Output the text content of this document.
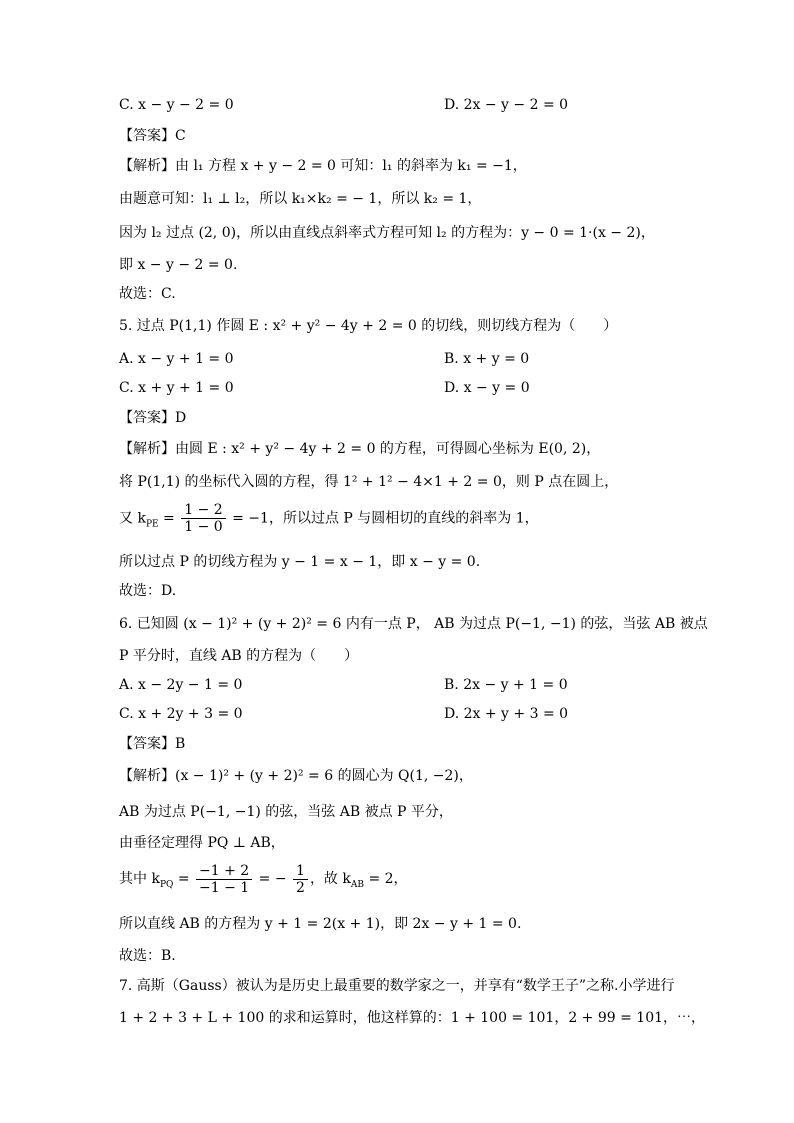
C. x − y − 2 = 0	D. 2x − y − 2 = 0
【答案】C
【解析】由 l₁ 方程 x + y − 2 = 0 可知：l₁ 的斜率为 k₁ = −1，
由题意可知：l₁ ⊥ l₂，所以 k₁×k₂ = − 1，所以 k₂ = 1，
因为 l₂ 过点 (2, 0)，所以由直线点斜率式方程可知 l₂ 的方程为：y − 0 = 1·(x − 2)，
即 x − y − 2 = 0.
故选：C.
5. 过点 P(1,1) 作圆 E : x² + y² − 4y + 2 = 0 的切线，则切线方程为（　　）
A. x − y + 1 = 0	B. x + y = 0
C. x + y + 1 = 0	D. x − y = 0
【答案】D
【解析】由圆 E : x² + y² − 4y + 2 = 0 的方程，可得圆心坐标为 E(0, 2)，
将 P(1,1) 的坐标代入圆的方程，得 1² + 1² − 4×1 + 2 = 0，则 P 点在圆上，
又 $k_{PE} = \frac{1 - 2}{1 - 0} = -1$，所以过点 P 与圆相切的直线的斜率为 1，
所以过点 P 的切线方程为 y − 1 = x − 1，即 x − y = 0.
故选：D.
6. 已知圆 (x − 1)² + (y + 2)² = 6 内有一点 P， AB 为过点 P(−1, −1) 的弦，当弦 AB 被点
P 平分时，直线 AB 的方程为（　　）
A. x − 2y − 1 = 0	B. 2x − y + 1 = 0
C. x + 2y + 3 = 0	D. 2x + y + 3 = 0
【答案】B
【解析】(x − 1)² + (y + 2)² = 6 的圆心为 Q(1, −2)，
AB 为过点 P(−1, −1) 的弦，当弦 AB 被点 P 平分，
由垂径定理得 PQ ⊥ AB，
其中 $k_{PQ} = \frac{-1 + 2}{-1 - 1}$ = − $\frac{1}{2}$ ，故 $k_{AB} = 2$，
所以直线 AB 的方程为 y + 1 = 2(x + 1)，即 2x − y + 1 = 0.
故选：B.
7. 高斯（Gauss）被认为是历史上最重要的数学家之一，并享有“数学王子”之称.小学进行
1 + 2 + 3 + L + 100 的求和运算时，他这样算的：1 + 100 = 101，2 + 99 = 101，⋯，
